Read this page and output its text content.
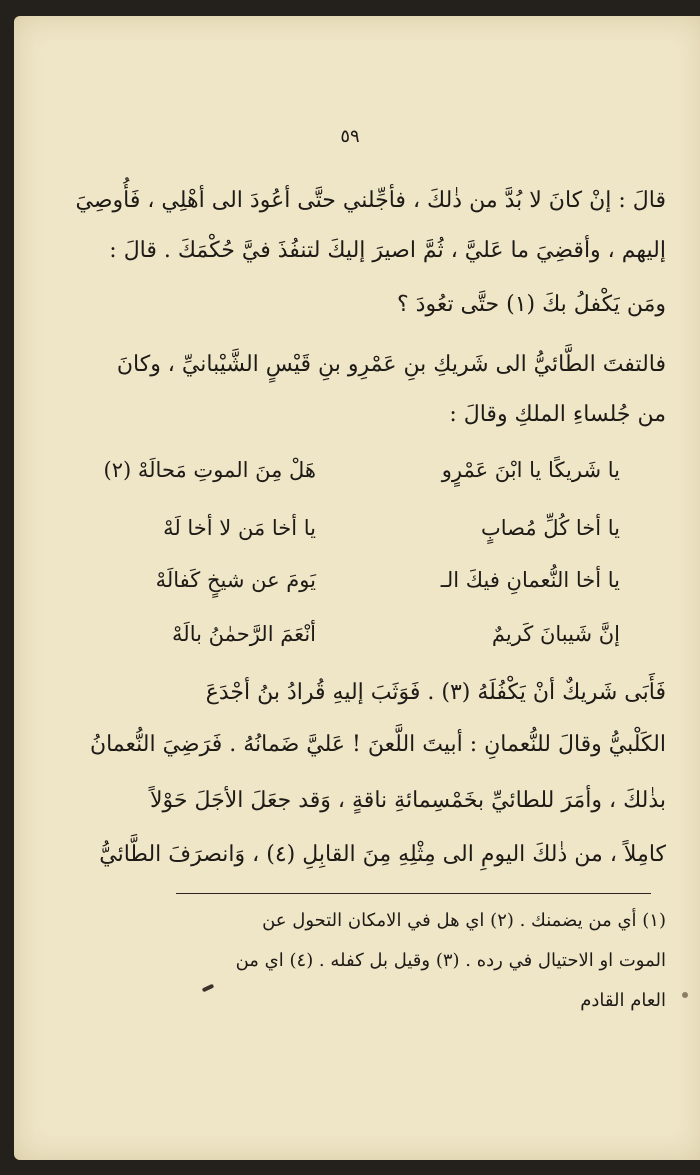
٥٩
قالَ : إنْ كانَ لا بُدَّ من ذٰلكَ ، فأجِّلني حتَّى أعُودَ الى أهْلِي ، فَأُوصِيَ
إليهم ، وأقضِيَ ما عَليَّ ، ثُمَّ اصيرَ إليكَ لتنفُذَ فيَّ حُكْمَكَ . قالَ :
ومَن يَكْفلُ بكَ (١) حتَّى تعُودَ ؟
فالتفتَ الطَّائيُّ الى شَريكِ بنِ عَمْرِو بنِ قَيْسٍ الشَّيْبانيِّ ، وكانَ
من جُلساءِ الملكِ وقالَ :
يا شَريكًا يا ابْنَ عَمْرٍو
هَلْ مِنَ الموتِ مَحالَهْ (٢)
يا أخا كُلِّ مُصابٍ
يا أخا مَن لا أخا لَهْ
يا أخا النُّعمانِ فيكَ الـ
يَومَ عن شيخٍ كَفالَهْ
إنَّ شَيبانَ كَريمٌ
أنْعَمَ الرَّحمٰنُ بالَهْ
فَأَبَى شَريكٌ أنْ يَكْفُلَهُ (٣) . فَوَثَبَ إليهِ قُرادُ بنُ أجْدَعَ
الكَلْبيُّ وقالَ للنُّعمانِ : أبيتَ اللَّعنَ ! عَليَّ ضَمانُهُ . فَرَضِيَ النُّعمانُ
بذٰلكَ ، وأمَرَ للطائيِّ بخَمْسِمائةِ ناقةٍ ، وَقد جعَلَ الأجَلَ حَوْلاً
كامِلاً ، من ذٰلكَ اليومِ الى مِثْلِهِ مِنَ القابِلِ (٤) ، وَانصرَفَ الطَّائيُّ
(١) أي من يضمنك . (٢) اي هل في الامكان التحول عن
الموت او الاحتيال في رده . (٣) وقيل بل كفله . (٤) اي من
العام القادم
